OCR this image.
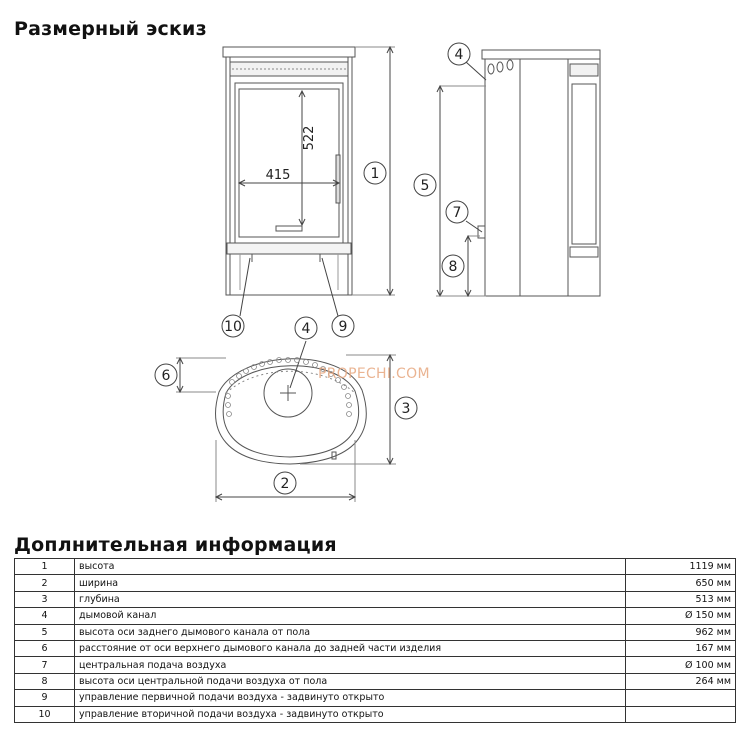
Размерный эскиз
415
522
1
2
3
4
4
5
6
7
8
9
10
PROPECHI.COM
Доплнительная информация
1	высота	1119 мм
2	ширина	650 мм
3	глубина	513 мм
4	дымовой канал	Ø 150 мм
5	высота оси заднего дымового канала от пола	962 мм
6	расстояние от оси верхнего дымового канала до задней части изделия	167 мм
7	центральная подача воздуха	Ø 100 мм
8	высота оси центральной подачи воздуха от пола	264 мм
9	управление первичной подачи воздуха - задвинуто открыто	
10	управление вторичной подачи воздуха - задвинуто открыто	
